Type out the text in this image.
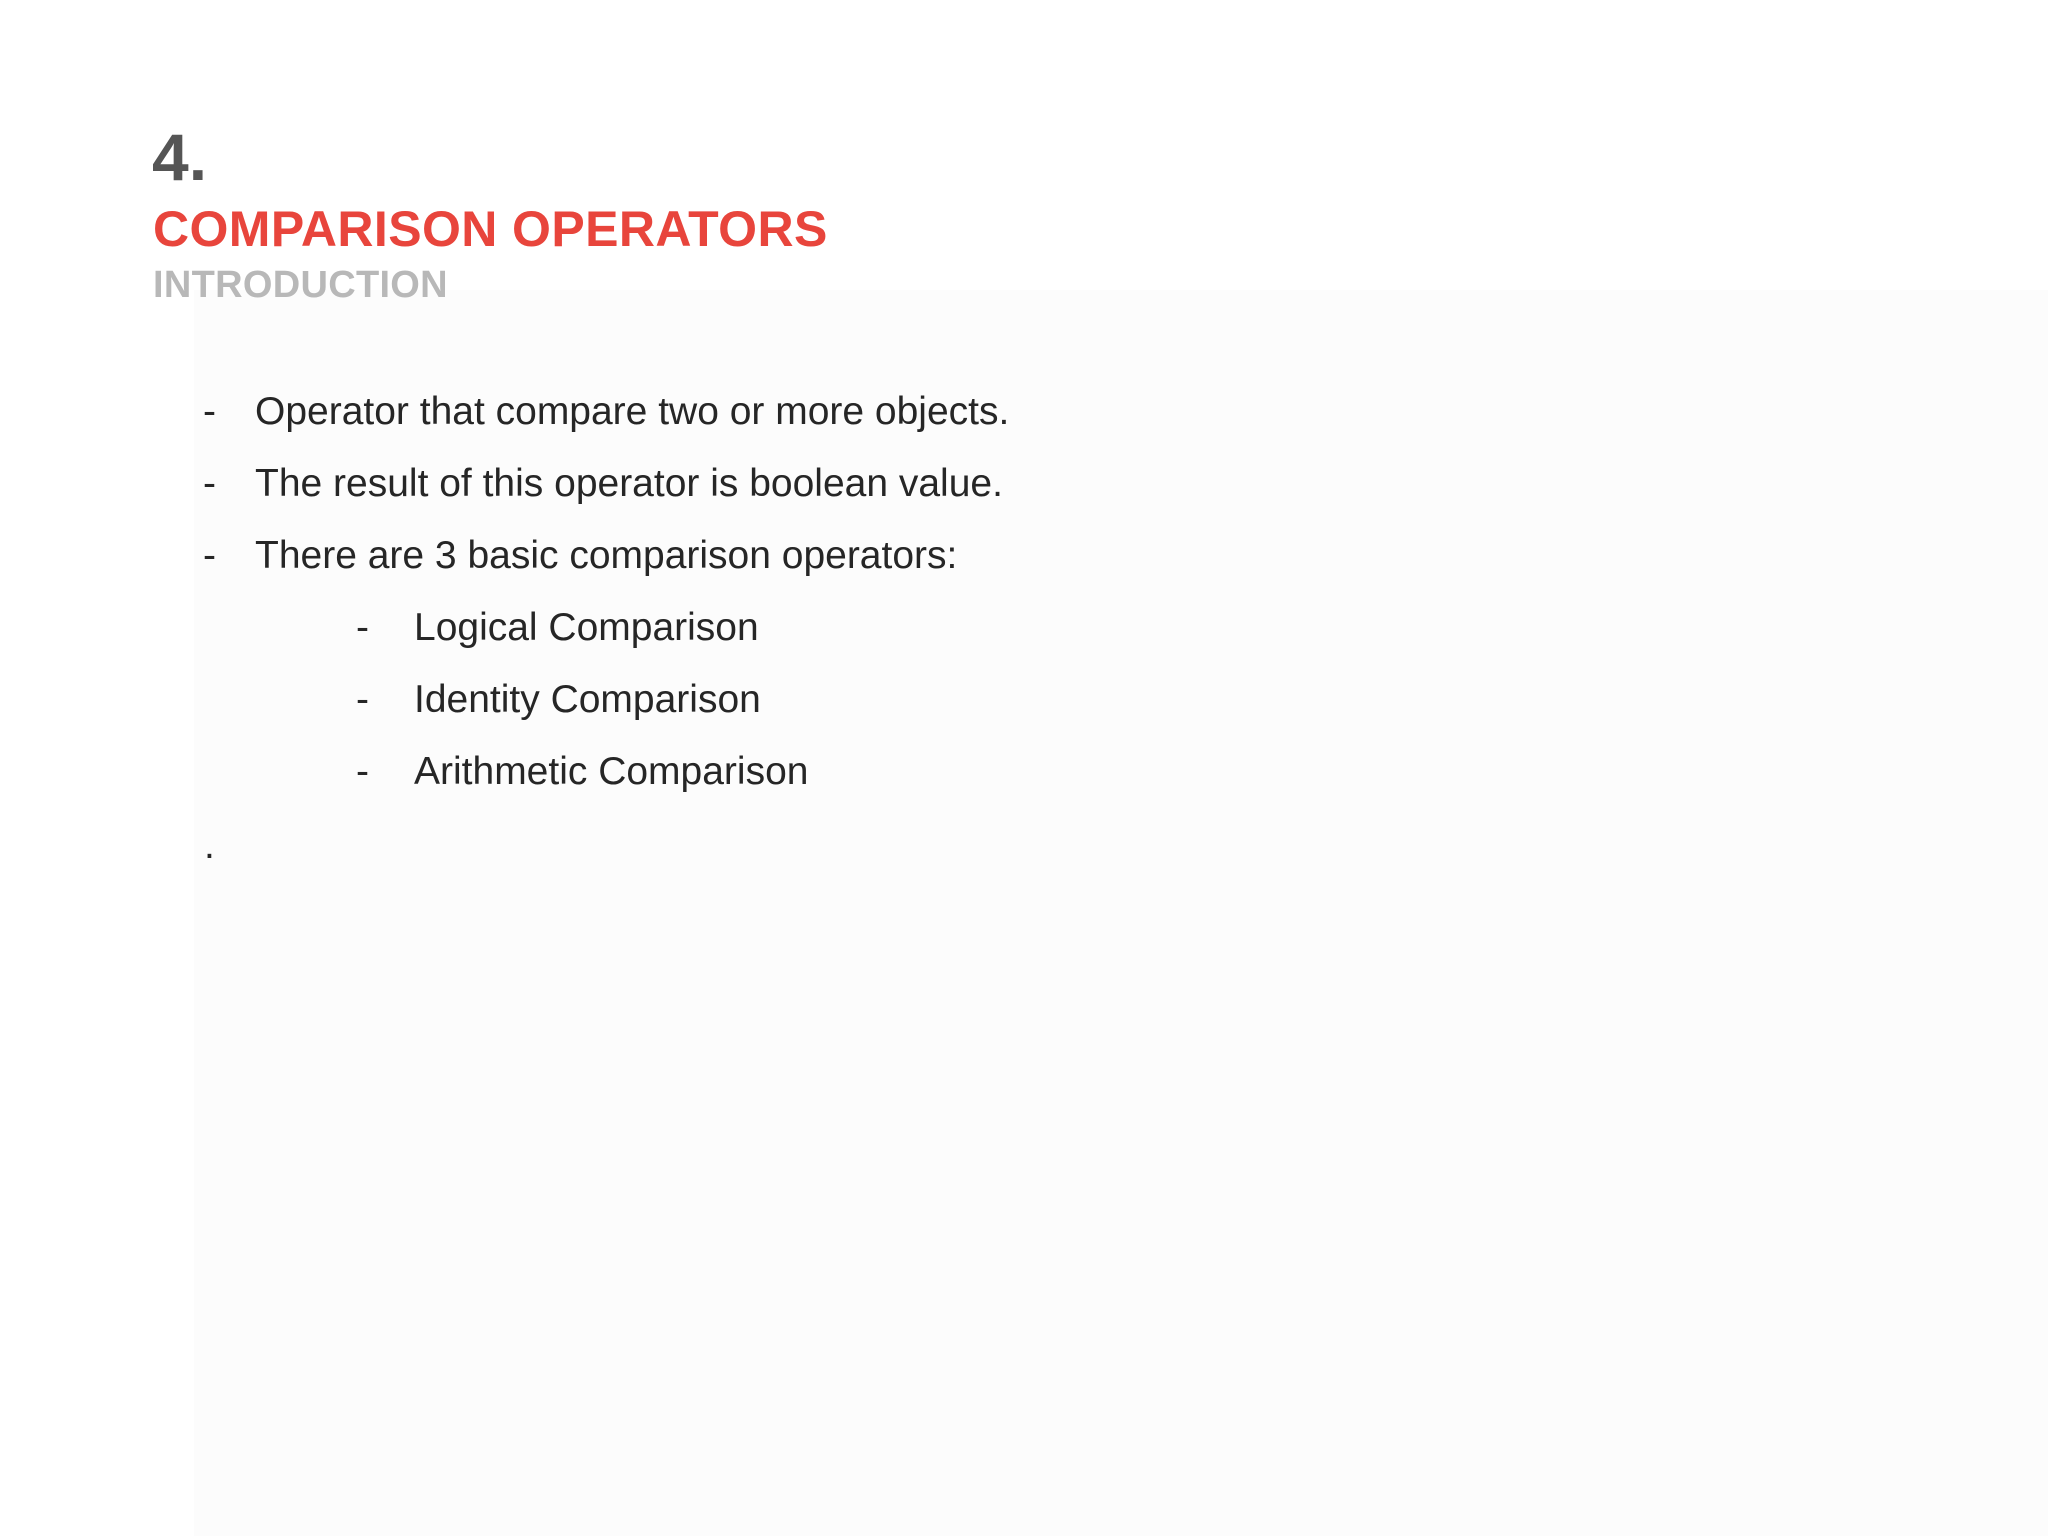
4.
COMPARISON OPERATORS
INTRODUCTION
- Operator that compare two or more objects.
- The result of this operator is boolean value.
- There are 3 basic comparison operators:
- Logical Comparison
- Identity Comparison
- Arithmetic Comparison
.
